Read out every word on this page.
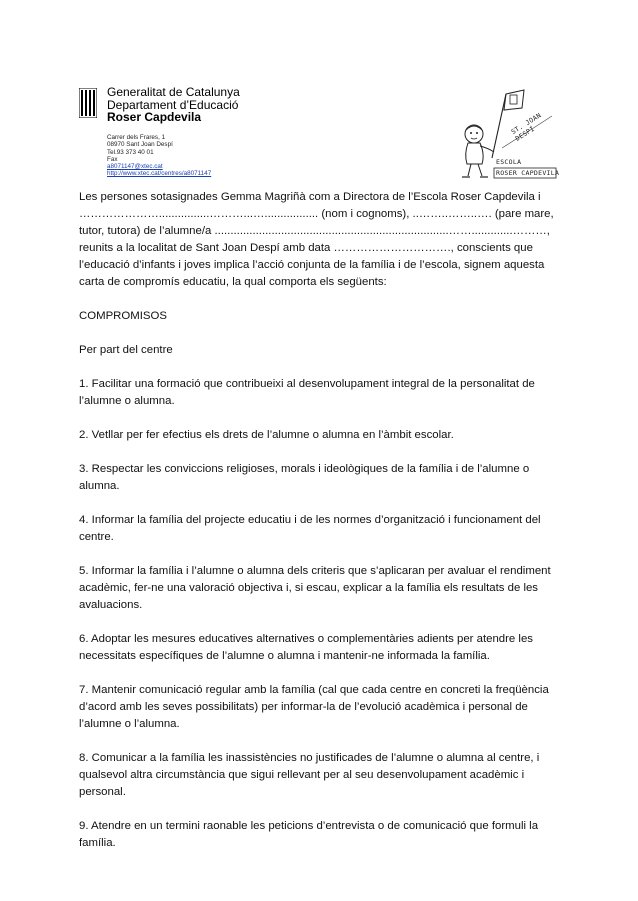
Generalitat de Catalunya
Departament d’Educació
Roser Capdevila
Carrer dels Frares, 1
08970 Sant Joan Despí
Tel.93 373 40 01
Fax
a8071147@xtec.cat
http://www.xtec.cat/centres/a8071147
ST. JOAN DESPÍ
ESCOLA
ROSER CAPDEVILA

Les persones sotasignades Gemma Magriñà com a Directora de l’Escola Roser Capdevila i …………………................………...…................. (nom i cognoms), ..……..……..…. (pare mare, tutor, tutora) de l’alumne/a ..........................................................................…….............………, reunits a la localitat de Sant Joan Despí amb data …………………………., conscients que l’educació d’infants i joves implica l’acció conjunta de la família i de l’escola, signem aquesta carta de compromís educatiu, la qual comporta els següents:

COMPROMISOS

Per part del centre

1. Facilitar una formació que contribueixi al desenvolupament integral de la personalitat de l’alumne o alumna.

2. Vetllar per fer efectius els drets de l’alumne o alumna en l’àmbit escolar.

3. Respectar les conviccions religioses, morals i ideològiques de la família i de l’alumne o alumna.

4. Informar la família del projecte educatiu i de les normes d’organització i funcionament del centre.

5. Informar la família i l’alumne o alumna dels criteris que s’aplicaran per avaluar el rendiment acadèmic, fer-ne una valoració objectiva i, si escau, explicar a la família els resultats de les avaluacions.

6. Adoptar les mesures educatives alternatives o complementàries adients per atendre les necessitats específiques de l’alumne o alumna i mantenir-ne informada la família.

7. Mantenir comunicació regular amb la família (cal que cada centre en concreti la freqüència d’acord amb les seves possibilitats) per informar-la de l’evolució acadèmica i personal de l’alumne o l’alumna.

8. Comunicar a la família les inassistències no justificades de l’alumne o alumna al centre, i qualsevol altra circumstància que sigui rellevant per al seu desenvolupament acadèmic i personal.

9. Atendre en un termini raonable les peticions d’entrevista o de comunicació que formuli la família.
